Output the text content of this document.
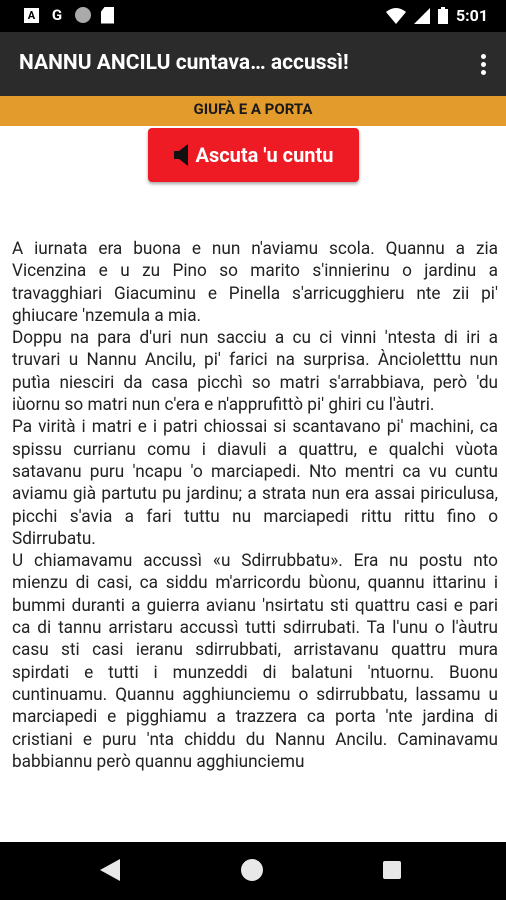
A G	5:01
NANNU ANCILU cuntava… accussì!
GIUFÀ E A PORTA
Ascuta 'u cuntu

A iurnata era buona e nun n'aviamu scola. Quannu a zia Vicenzina e u zu Pino so marito s'innierinu o jardinu a travagghiari Giacuminu e Pinella s'arricugghieru nte zii pi' ghiucare 'nzemula a mia.

Doppu na para d'uri nun sacciu a cu ci vinni 'ntesta di iri a truvari u Nannu Ancilu, pi' farici na surprisa. Àncioletttu nun putìa niesciri da casa picchì so matri s'arrabbiava, però 'du iùornu so matri nun c'era e n'apprufittò pi' ghiri cu l'àutri.

Pa virità i matri e i patri chiossai si scantavano pi' machini, ca spissu currianu comu i diavuli a quattru, e qualchi vùota satavanu puru 'ncapu 'o marciapedi. Nto mentri ca vu cuntu aviamu già partutu pu jardinu; a strata nun era assai piriculusa, picchi s'avia a fari tuttu nu marciapedi rittu rittu fino o Sdirrubatu.

U chiamavamu accussì «u Sdirrubbatu». Era nu postu nto mienzu di casi, ca siddu m'arricordu bùonu, quannu ittarinu i bummi duranti a guierra avianu 'nsirtatu sti quattru casi e pari ca di tannu arristaru accussì tutti sdirrubati. Ta l'unu o l'àutru casu sti casi ieranu sdirrubbati, arristavanu quattru mura spirdati e tutti i munzeddi di balatuni 'ntuornu. Buonu cuntinuamu. Quannu agghiunciemu o sdirrubbatu, lassamu u marciapedi e pigghiamu a trazzera ca porta 'nte jardina di cristiani e puru 'nta chiddu du Nannu Ancilu. Caminavamu babbiannu però quannu agghiunciemu
